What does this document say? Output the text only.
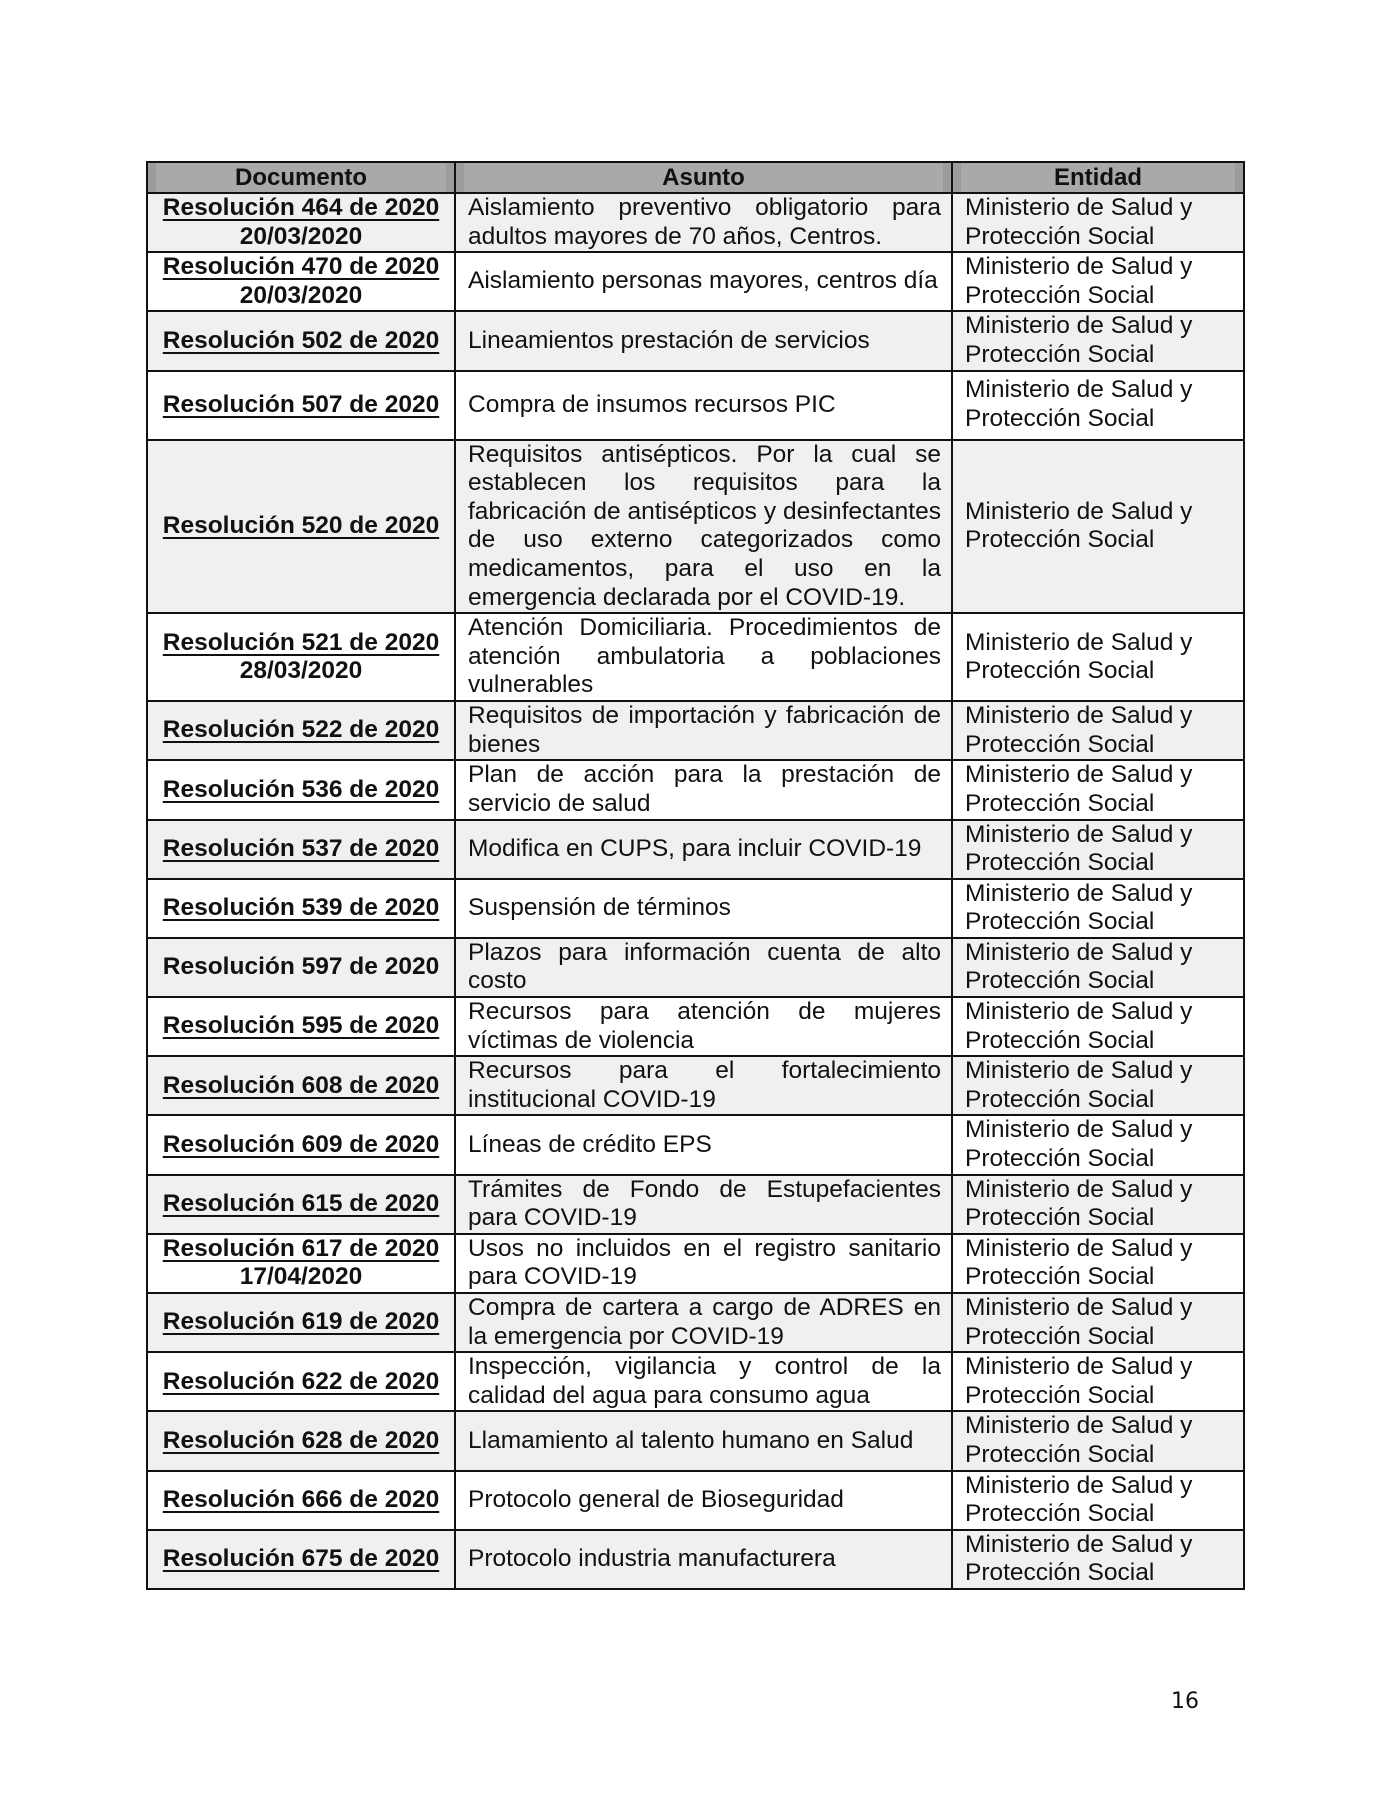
Documento	Asunto	Entidad
Resolución 464 de 2020
20/03/2020	Aislamiento preventivo obligatorio para adultos mayores de 70 años, Centros.	Ministerio de Salud y
Protección Social

Resolución 470 de 2020
20/03/2020	Aislamiento personas mayores, centros día	Ministerio de Salud y
Protección Social

Resolución 502 de 2020	Lineamientos prestación de servicios	Ministerio de Salud y
Protección Social

Resolución 507 de 2020	Compra de insumos recursos PIC	Ministerio de Salud y
Protección Social

Resolución 520 de 2020	Requisitos antisépticos. Por la cual se establecen los requisitos para la fabricación de antisépticos y desinfectantes de uso externo categorizados como medicamentos, para el uso en la emergencia declarada por el COVID-19.	Ministerio de Salud y
Protección Social

Resolución 521 de 2020
28/03/2020	Atención Domiciliaria. Procedimientos de atención ambulatoria a poblaciones vulnerables	Ministerio de Salud y
Protección Social

Resolución 522 de 2020	Requisitos de importación y fabricación de bienes	Ministerio de Salud y
Protección Social

Resolución 536 de 2020	Plan de acción para la prestación de servicio de salud	Ministerio de Salud y
Protección Social

Resolución 537 de 2020	Modifica en CUPS, para incluir COVID-19	Ministerio de Salud y
Protección Social

Resolución 539 de 2020	Suspensión de términos	Ministerio de Salud y
Protección Social

Resolución 597 de 2020	Plazos para información cuenta de alto costo	Ministerio de Salud y
Protección Social

Resolución 595 de 2020	Recursos para atención de mujeres víctimas de violencia	Ministerio de Salud y
Protección Social

Resolución 608 de 2020	Recursos para el fortalecimiento institucional COVID-19	Ministerio de Salud y
Protección Social

Resolución 609 de 2020	Líneas de crédito EPS	Ministerio de Salud y
Protección Social

Resolución 615 de 2020	Trámites de Fondo de Estupefacientes para COVID-19	Ministerio de Salud y
Protección Social

Resolución 617 de 2020
17/04/2020	Usos no incluidos en el registro sanitario para COVID-19	Ministerio de Salud y
Protección Social

Resolución 619 de 2020	Compra de cartera a cargo de ADRES en la emergencia por COVID-19	Ministerio de Salud y
Protección Social

Resolución 622 de 2020	Inspección, vigilancia y control de la calidad del agua para consumo agua	Ministerio de Salud y
Protección Social

Resolución 628 de 2020	Llamamiento al talento humano en Salud	Ministerio de Salud y
Protección Social

Resolución 666 de 2020	Protocolo general de Bioseguridad	Ministerio de Salud y
Protección Social

Resolución 675 de 2020	Protocolo industria manufacturera	Ministerio de Salud y
Protección Social
16
